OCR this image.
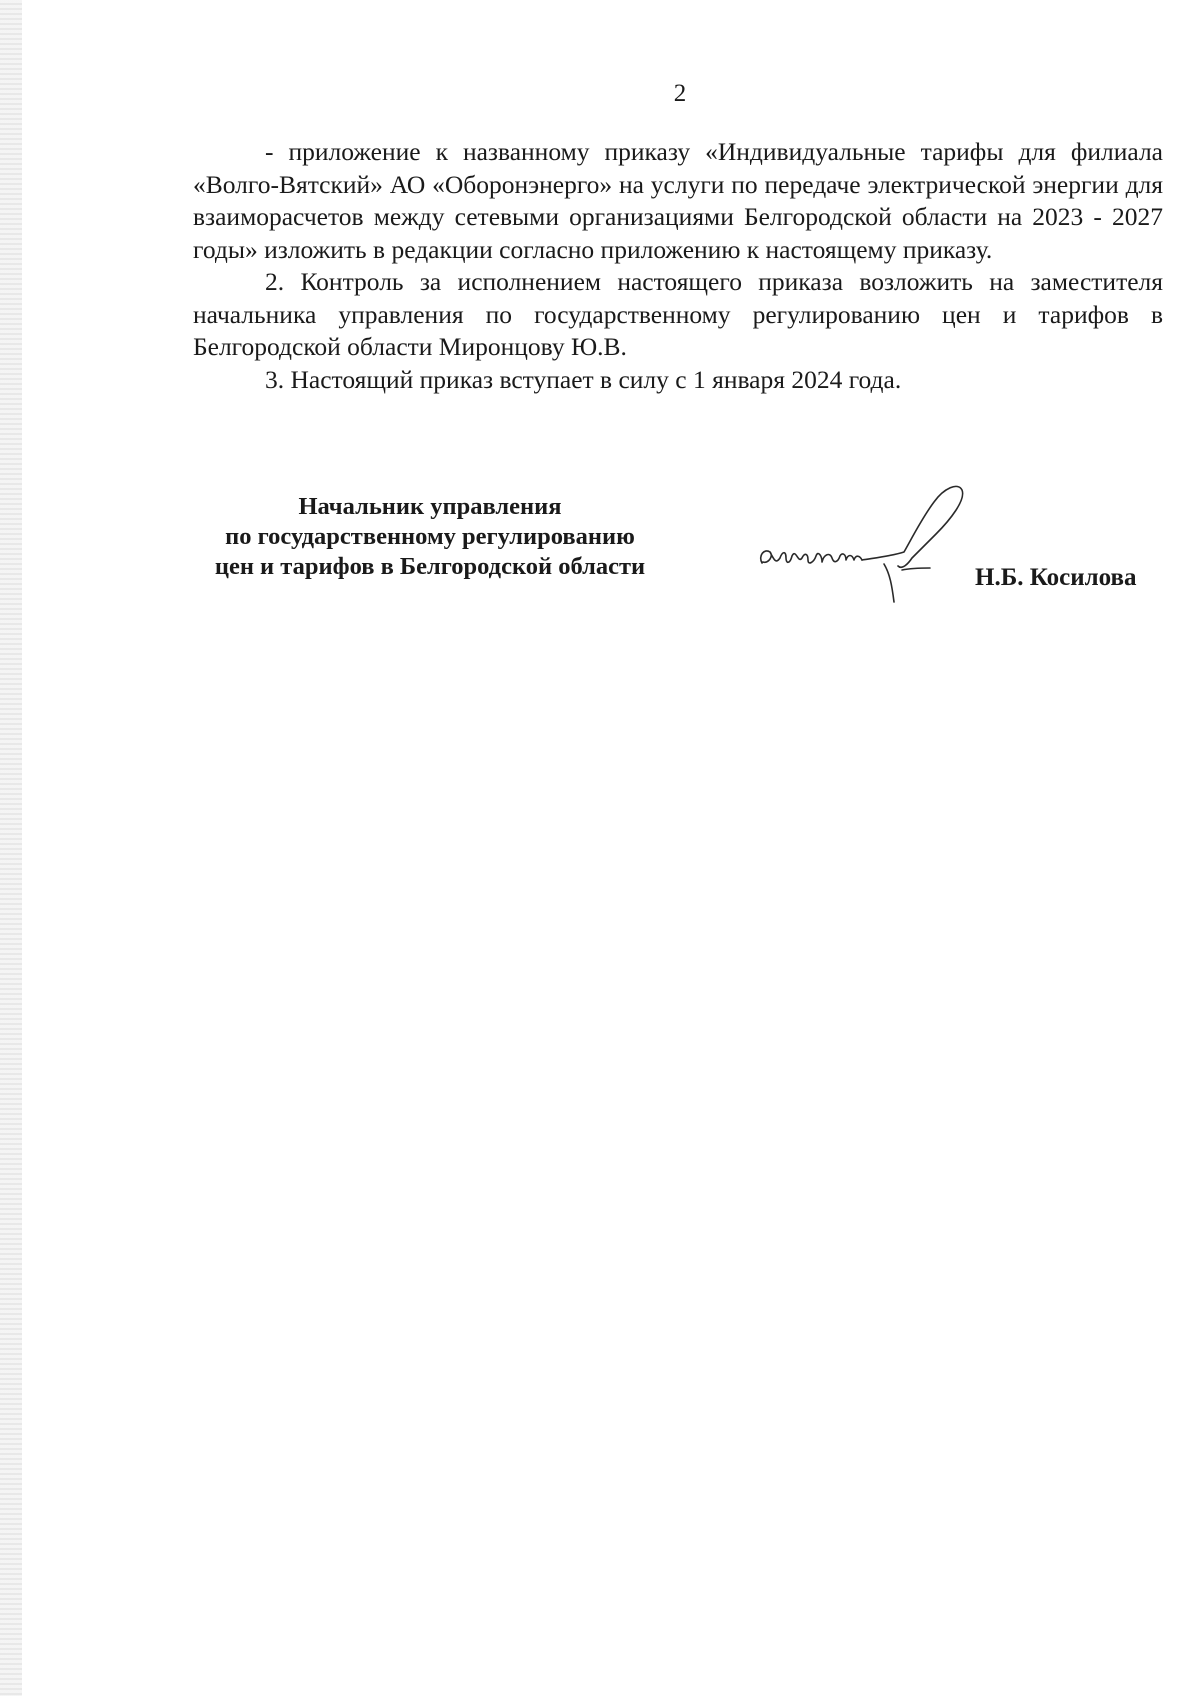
2

- приложение к названному приказу «Индивидуальные тарифы для филиала «Волго-Вятский» АО «Оборонэнерго» на услуги по передаче электрической энергии для взаиморасчетов между сетевыми организациями Белгородской области на 2023 - 2027 годы» изложить в редакции согласно приложению к настоящему приказу.

2. Контроль за исполнением настоящего приказа возложить на заместителя начальника управления по государственному регулированию цен и тарифов в Белгородской области Миронцову Ю.В.

3. Настоящий приказ вступает в силу с 1 января 2024 года.

Начальник управления
по государственному регулированию
цен и тарифов в Белгородской области	Н.Б. Косилова
